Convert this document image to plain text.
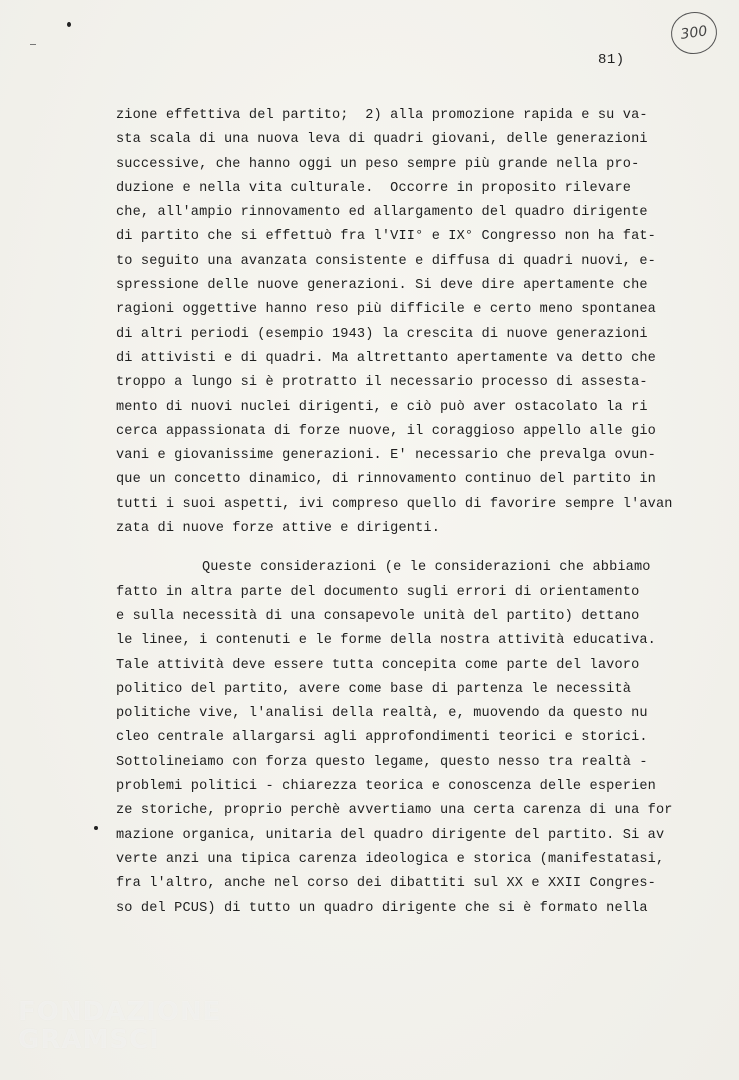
300
81)
zione effettiva del partito;  2) alla promozione rapida e su va-
sta scala di una nuova leva di quadri giovani, delle generazioni
successive, che hanno oggi un peso sempre più grande nella pro-
duzione e nella vita culturale.  Occorre in proposito rilevare
che, all'ampio rinnovamento ed allargamento del quadro dirigente
di partito che si effettuò fra l'VII° e IX° Congresso non ha fat-
to seguito una avanzata consistente e diffusa di quadri nuovi, e-
spressione delle nuove generazioni. Si deve dire apertamente che
ragioni oggettive hanno reso più difficile e certo meno spontanea
di altri periodi (esempio 1943) la crescita di nuove generazioni
di attivisti e di quadri. Ma altrettanto apertamente va detto che
troppo a lungo si è protratto il necessario processo di assesta-
mento di nuovi nuclei dirigenti, e ciò può aver ostacolato la ri
cerca appassionata di forze nuove, il coraggioso appello alle gio
vani e giovanissime generazioni. E' necessario che prevalga ovun-
que un concetto dinamico, di rinnovamento continuo del partito in
tutti i suoi aspetti, ivi compreso quello di favorire sempre l'avan
zata di nuove forze attive e dirigenti.
Queste considerazioni (e le considerazioni che abbiamo
fatto in altra parte del documento sugli errori di orientamento
e sulla necessità di una consapevole unità del partito) dettano
le linee, i contenuti e le forme della nostra attività educativa.
Tale attività deve essere tutta concepita come parte del lavoro
politico del partito, avere come base di partenza le necessità
politiche vive, l'analisi della realtà, e, muovendo da questo nu
cleo centrale allargarsi agli approfondimenti teorici e storici.
Sottolineiamo con forza questo legame, questo nesso tra realtà -
problemi politici - chiarezza teorica e conoscenza delle esperien
ze storiche, proprio perchè avvertiamo una certa carenza di una for
mazione organica, unitaria del quadro dirigente del partito. Si av
verte anzi una tipica carenza ideologica e storica (manifestatasi,
fra l'altro, anche nel corso dei dibattiti sul XX e XXII Congres-
so del PCUS) di tutto un quadro dirigente che si è formato nella
FONDAZIONE
GRAMSCI
